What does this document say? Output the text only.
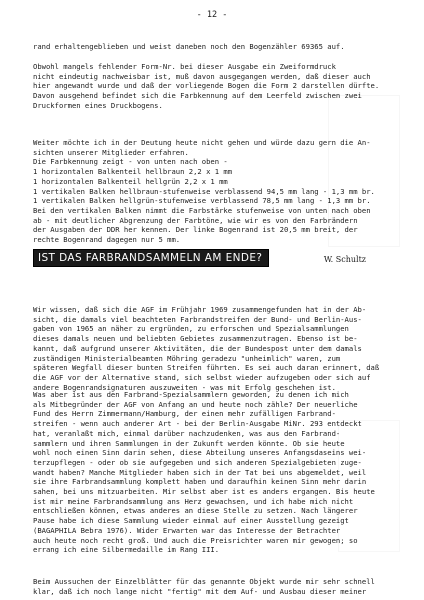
- 12 -
rand erhaltengeblieben und weist daneben noch den Bogenzähler 69365 auf.
Obwohl mangels fehlender Form-Nr. bei dieser Ausgabe ein Zweiformdruck
nicht eindeutig nachweisbar ist, muß davon ausgegangen werden, daß dieser auch
hier angewandt wurde und daß der vorliegende Bogen die Form 2 darstellen dürfte.
Davon ausgehend befindet sich die Farbkennung auf dem Leerfeld zwischen zwei
Druckformen eines Druckbogens.
Weiter möchte ich in der Deutung heute nicht gehen und würde dazu gern die An-
sichten unserer Mitglieder erfahren.
Die Farbkennung zeigt - von unten nach oben -
1 horizontalen Balkenteil hellbraun 2,2 x 1 mm
1 horizontalen Balkenteil hellgrün 2,2 x 1 mm
1 vertikalen Balken hellbraun-stufenweise verblassend 94,5 mm lang - 1,3 mm br.
1 vertikalen Balken hellgrün-stufenweise verblassend 78,5 mm lang - 1,3 mm br.
Bei den vertikalen Balken nimmt die Farbstärke stufenweise von unten nach oben
ab - mit deutlicher Abgrenzung der Farbtöne, wie wir es von den Farbrändern
der Ausgaben der DDR her kennen. Der linke Bogenrand ist 20,5 mm breit, der
rechte Bogenrand dagegen nur 5 mm.
IST DAS FARBRANDSAMMELN AM ENDE?	W. Schultz
Wir wissen, daß sich die AGF im Frühjahr 1969 zusammengefunden hat in der Ab-
sicht, die damals viel beachteten Farbrandstreifen der Bund- und Berlin-Aus-
gaben von 1965 an näher zu ergründen, zu erforschen und Spezialsammlungen
dieses damals neuen und beliebten Gebietes zusammenzutragen. Ebenso ist be-
kannt, daß aufgrund unserer Aktivitäten, die der Bundespost unter dem damals
zuständigen Ministerialbeamten Möhring geradezu "unheimlich" waren, zum
späteren Wegfall dieser bunten Streifen führten. Es sei auch daran erinnert, daß
die AGF vor der Alternative stand, sich selbst wieder aufzugeben oder sich auf
andere Bogenrandsignaturen auszuweiten - was mit Erfolg geschehen ist.
Was aber ist aus den Farbrand-Spezialsammlern geworden, zu denen ich mich
als Mitbegründer der AGF von Anfang an und heute noch zähle? Der neuerliche
Fund des Herrn Zimmermann/Hamburg, der einen mehr zufälligen Farbrand-
streifen - wenn auch anderer Art - bei der Berlin-Ausgabe MiNr. 293 entdeckt
hat, veranlaßt mich, einmal darüber nachzudenken, was aus den Farbrand-
sammlern und ihren Sammlungen in der Zukunft werden könnte. Ob sie heute
wohl noch einen Sinn darin sehen, diese Abteilung unseres Anfangsdaseins wei-
terzupflegen - oder ob sie aufgegeben und sich anderen Spezialgebieten zuge-
wandt haben? Manche Mitglieder haben sich in der Tat bei uns abgemeldet, weil
sie ihre Farbrandsammlung komplett haben und daraufhin keinen Sinn mehr darin
sahen, bei uns mitzuarbeiten. Mir selbst aber ist es anders ergangen. Bis heute
ist mir meine Farbrandsammlung ans Herz gewachsen, und ich habe mich nicht
entschließen können, etwas anderes an diese Stelle zu setzen. Nach längerer
Pause habe ich diese Sammlung wieder einmal auf einer Ausstellung gezeigt
(BAGAPHILA Bebra 1976). Wider Erwarten war das Interesse der Betrachter
auch heute noch recht groß. Und auch die Preisrichter waren mir gewogen; so
errang ich eine Silbermedaille im Rang III.
Beim Aussuchen der Einzelblätter für das genannte Objekt wurde mir sehr schnell
klar, daß ich noch lange nicht "fertig" mit dem Auf- und Ausbau dieser meiner
